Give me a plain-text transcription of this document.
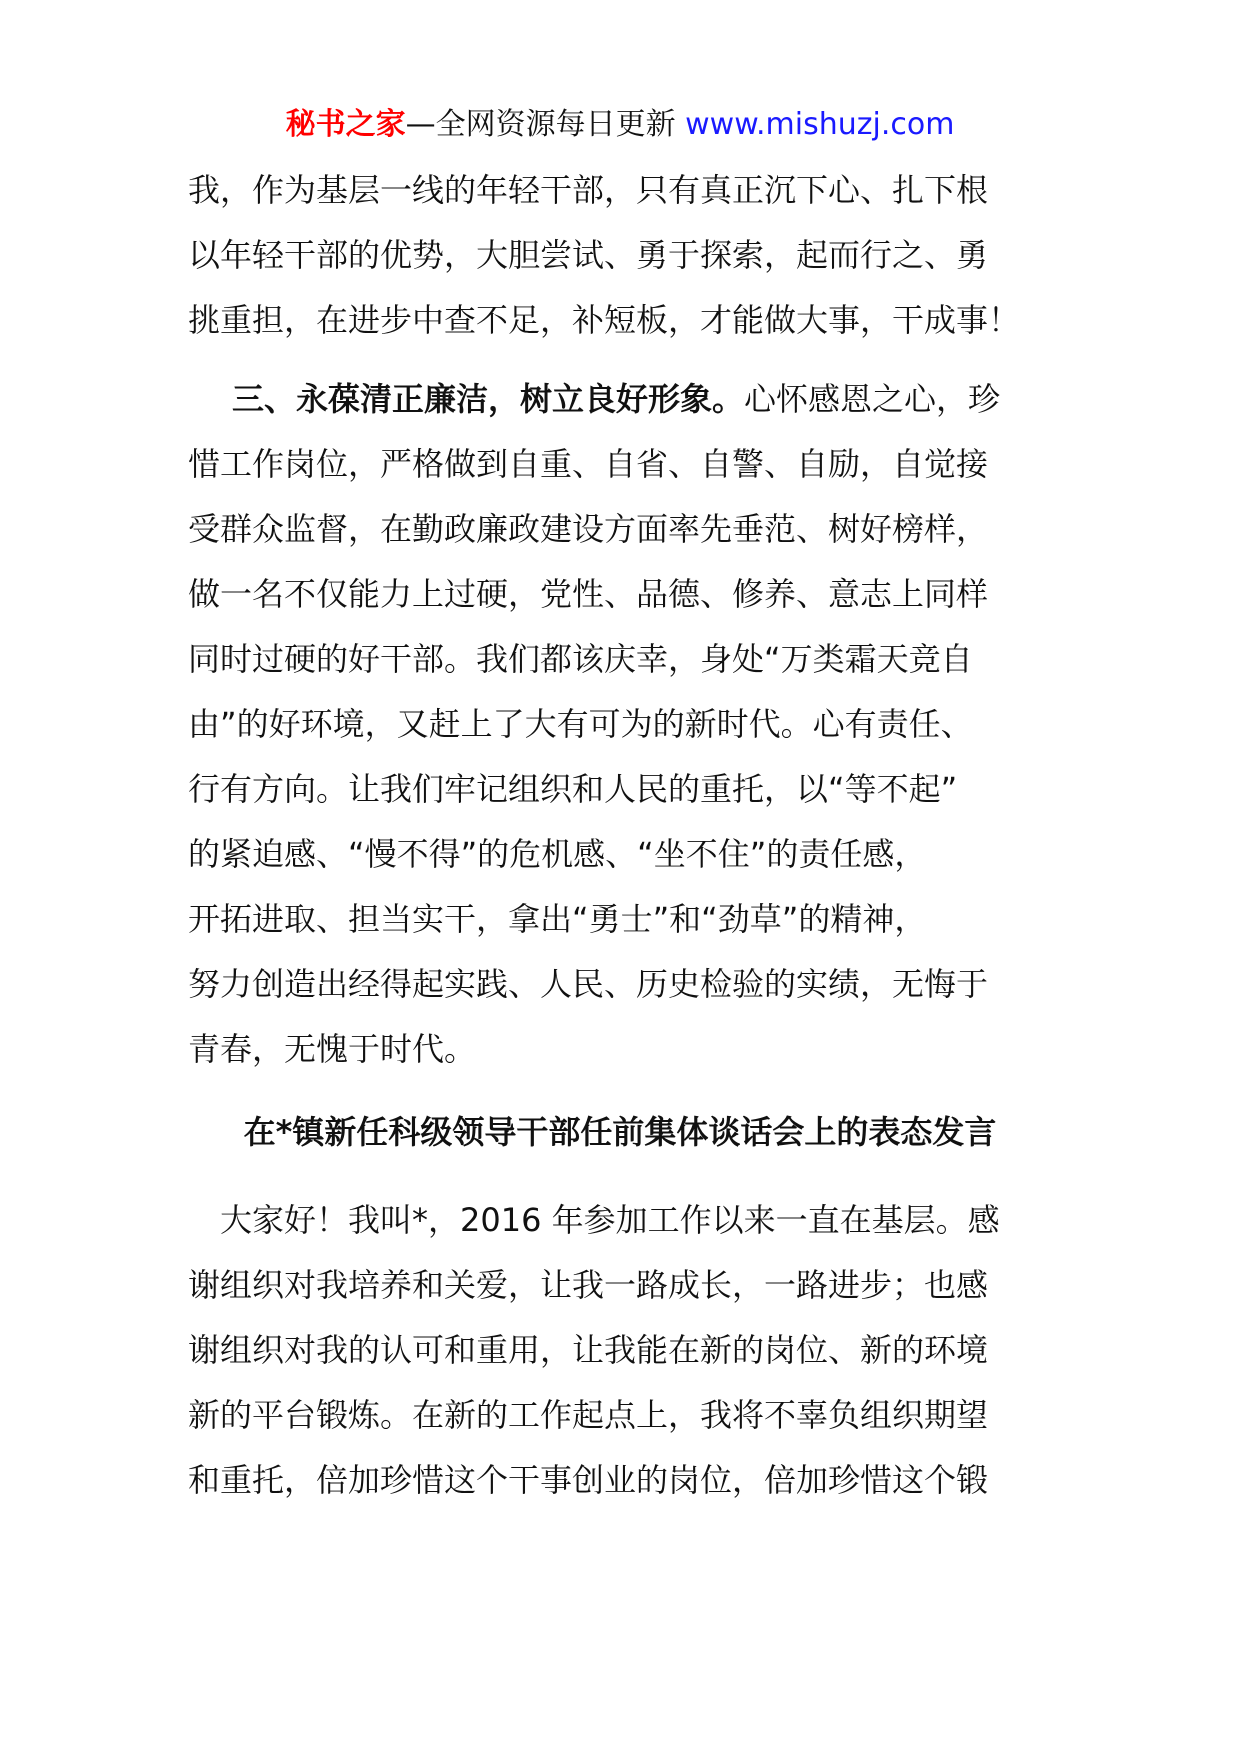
秘书之家—全网资源每日更新 www.mishuzj.com
我，作为基层一线的年轻干部，只有真正沉下心、扎下根
以年轻干部的优势，大胆尝试、勇于探索，起而行之、勇
挑重担，在进步中查不足，补短板，才能做大事，干成事！
三、永葆清正廉洁，树立良好形象。心怀感恩之心，珍
惜工作岗位，严格做到自重、自省、自警、自励，自觉接
受群众监督，在勤政廉政建设方面率先垂范、树好榜样，
做一名不仅能力上过硬，党性、品德、修养、意志上同样
同时过硬的好干部。我们都该庆幸，身处“万类霜天竞自
由”的好环境，又赶上了大有可为的新时代。心有责任、
行有方向。让我们牢记组织和人民的重托，以“等不起”
的紧迫感、“慢不得”的危机感、“坐不住”的责任感，
开拓进取、担当实干，拿出“勇士”和“劲草”的精神，
努力创造出经得起实践、人民、历史检验的实绩，无悔于
青春，无愧于时代。
在*镇新任科级领导干部任前集体谈话会上的表态发言
　大家好！我叫*，2016 年参加工作以来一直在基层。感
谢组织对我培养和关爱，让我一路成长，一路进步；也感
谢组织对我的认可和重用，让我能在新的岗位、新的环境
新的平台锻炼。在新的工作起点上，我将不辜负组织期望
和重托，倍加珍惜这个干事创业的岗位，倍加珍惜这个锻
